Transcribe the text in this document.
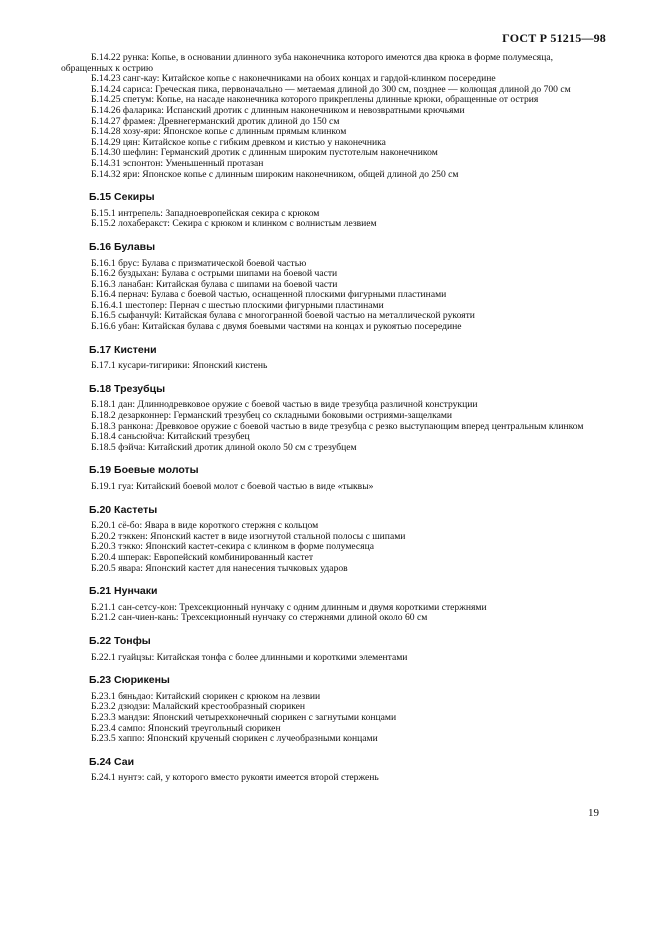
ГОСТ Р 51215—98

Б.14.22 рунка: Копье, в основании длинного зуба наконечника которого имеются два крюка в форме полумесяца, обращенных к острию

Б.14.23 санг-кау: Китайское копье с наконечниками на обоих концах и гардой-клинком посередине

Б.14.24 сариса: Греческая пика, первоначально — метаемая длиной до 300 см, позднее — колющая длиной до 700 см

Б.14.25 спетум: Копье, на насаде наконечника которого прикреплены длинные крюки, обращенные от острия

Б.14.26 фаларика: Испанский дротик с длинным наконечником и невозвратными крючьями

Б.14.27 фрамея: Древнегерманский дротик длиной до 150 см

Б.14.28 хозу-яри: Японское копье с длинным прямым клинком

Б.14.29 цян: Китайское копье с гибким древком и кистью у наконечника

Б.14.30 шефлин: Германский дротик с длинным широким пустотелым наконечником

Б.14.31 эспонтон: Уменьшенный протазан

Б.14.32 яри: Японское копье с длинным широким наконечником, общей длиной до 250 см

Б.15 Секиры

Б.15.1 интрепель: Западноевропейская секира с крюком

Б.15.2 лохаберакст: Секира с крюком и клинком с волнистым лезвием

Б.16 Булавы

Б.16.1 брус: Булава с призматической боевой частью

Б.16.2 буздыхан: Булава с острыми шипами на боевой части

Б.16.3 ланабан: Китайская булава с шипами на боевой части

Б.16.4 пернач: Булава с боевой частью, оснащенной плоскими фигурными пластинами

Б.16.4.1 шестопер: Пернач с шестью плоскими фигурными пластинами

Б.16.5 сыфанчуй: Китайская булава с многогранной боевой частью на металлической рукояти

Б.16.6 убан: Китайская булава с двумя боевыми частями на концах и рукоятью посередине

Б.17 Кистени

Б.17.1 кусари-тигирики: Японский кистень

Б.18 Трезубцы

Б.18.1 дан: Длиннодревковое оружие с боевой частью в виде трезубца различной конструкции

Б.18.2 дезарконнер: Германский трезубец со складными боковыми остриями-защелками

Б.18.3 ранкона: Древковое оружие с боевой частью в виде трезубца с резко выступающим вперед центральным клинком

Б.18.4 саньсюйча: Китайский трезубец

Б.18.5 фэйча: Китайский дротик длиной около 50 см с трезубцем

Б.19 Боевые молоты

Б.19.1 гуа: Китайский боевой молот с боевой частью в виде «тыквы»

Б.20 Кастеты

Б.20.1 сё-бо: Явара в виде короткого стержня с кольцом

Б.20.2 тэккен: Японский кастет в виде изогнутой стальной полосы с шипами

Б.20.3 тэкко: Японский кастет-секира с клинком в форме полумесяца

Б.20.4 шперак: Европейский комбинированный кастет

Б.20.5 явара: Японский кастет для нанесения тычковых ударов

Б.21 Нунчаки

Б.21.1 сан-сетсу-кон: Трехсекционный нунчаку с одним длинным и двумя короткими стержнями

Б.21.2 сан-чиен-кань: Трехсекционный нунчаку со стержнями длиной около 60 см

Б.22 Тонфы

Б.22.1 гуайцзы: Китайская тонфа с более длинными и короткими элементами

Б.23 Сюрикены

Б.23.1 бяньдао: Китайский сюрикен с крюком на лезвии

Б.23.2 дзюдзи: Малайский крестообразный сюрикен

Б.23.3 мандзи: Японский четырехконечный сюрикен с загнутыми концами

Б.23.4 сампо: Японский треугольный сюрикен

Б.23.5 хаппо: Японский крученый сюрикен с лучеобразными концами

Б.24 Саи

Б.24.1 нунтэ: сай, у которого вместо рукояти имеется второй стержень

19
